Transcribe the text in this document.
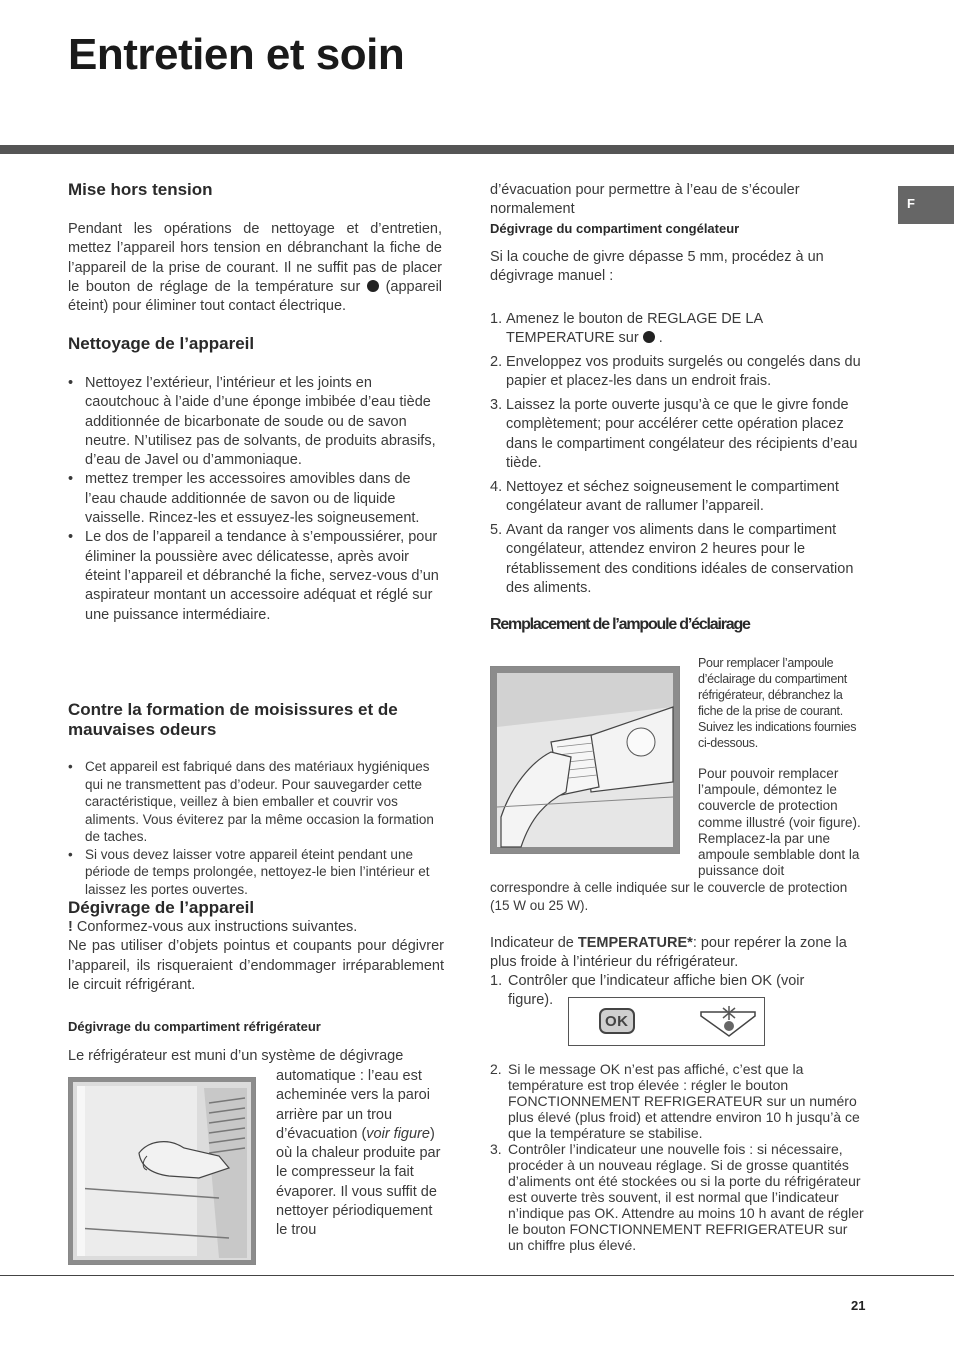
Entretien et soin
F
Mise hors tension

Pendant les opérations de nettoyage et d’entretien, mettez l’appareil hors tension en débranchant la fiche de l’appareil de la prise de courant. Il ne suffit pas de placer le bouton de réglage de la température sur (appareil éteint) pour éliminer tout contact électrique.

Nettoyage de l’appareil
• Nettoyez l’extérieur, l’intérieur et les joints en caoutchouc à l’aide d’une éponge imbibée d’eau tiède additionnée de bicarbonate de soude ou de savon neutre. N’utilisez pas de solvants, de produits abrasifs, d’eau de Javel ou d’ammoniaque.
• mettez tremper les accessoires amovibles dans de l’eau chaude additionnée de savon ou de liquide vaisselle. Rincez-les et essuyez-les soigneusement.
• Le dos de l’appareil a tendance à s’empoussiérer, pour éliminer la poussière avec délicatesse, après avoir éteint l’appareil et débranché la fiche, servez-vous d’un aspirateur montant un accessoire adéquat et réglé sur une puissance intermédiaire.
Contre la formation de moisissures et de mauvaises odeurs
• Cet appareil est fabriqué dans des matériaux hygiéniques qui ne transmettent pas d’odeur. Pour sauvegarder cette caractéristique, veillez à bien emballer et couvrir vos aliments. Vous éviterez par la même occasion la formation de taches.
• Si vous devez laisser votre appareil éteint pendant une période de temps prolongée, nettoyez-le bien l’intérieur et laissez les portes ouvertes.
Dégivrage de l’appareil

! Conformez-vous aux instructions suivantes.
Ne pas utiliser d’objets pointus et coupants pour dégivrer l’appareil, ils risqueraient d’endommager irréparablement le circuit réfrigérant.

Dégivrage du compartiment réfrigérateur

Le réfrigérateur est muni d’un système de dégivrage

automatique : l’eau est acheminée vers la paroi arrière par un trou d’évacuation (voir figure) où la chaleur produite par le compresseur la fait évaporer. Il vous suffit de nettoyer périodiquement le trou

d’évacuation pour permettre à l’eau de s’écouler normalement

Dégivrage du compartiment congélateur

Si la couche de givre dépasse 5 mm, procédez à un dégivrage manuel :

1. Amenez le bouton de REGLAGE DE LA TEMPERATURE sur .
2. Enveloppez vos produits surgelés ou congelés dans du papier et placez-les dans un endroit frais.
3. Laissez la porte ouverte jusqu’à ce que le givre fonde complètement; pour accélérer cette opération placez dans le compartiment congélateur des récipients d’eau tiède.
4. Nettoyez et séchez soigneusement le compartiment congélateur avant de rallumer l’appareil.
5. Avant da ranger vos aliments dans le compartiment congélateur, attendez environ 2 heures pour le rétablissement des conditions idéales de conservation des aliments.
Remplacement de l’ampoule d’éclairage
Pour remplacer l’ampoule d’éclairage du compartiment réfrigérateur, débranchez la fiche de la prise de courant. Suivez les indications fournies ci-dessous.
Pour pouvoir remplacer l’ampoule, démontez le couvercle de protection comme illustré (voir figure). Remplacez-la par une ampoule semblable dont la puissance doit

correspondre à celle indiquée sur le couvercle de protection (15 W ou 25 W).

Indicateur de TEMPERATURE*: pour repérer la zone la plus froide à l’intérieur du réfrigérateur.

1. Contrôler que l’indicateur affiche bien OK (voir figure).

OK

2. Si le message OK n’est pas affiché, c’est que la température est trop élevée : régler le bouton FONCTIONNEMENT REFRIGERATEUR sur un numéro plus élevé (plus froid) et attendre environ 10 h jusqu’à ce que la température se stabilise.

3. Contrôler l’indicateur une nouvelle fois : si nécessaire, procéder à un nouveau réglage. Si de grosse quantités d’aliments ont été stockées ou si la porte du réfrigérateur est ouverte très souvent, il est normal que l’indicateur n’indique pas OK. Attendre au moins 10 h avant de régler le bouton FONCTIONNEMENT REFRIGERATEUR sur un chiffre plus élevé.

21
